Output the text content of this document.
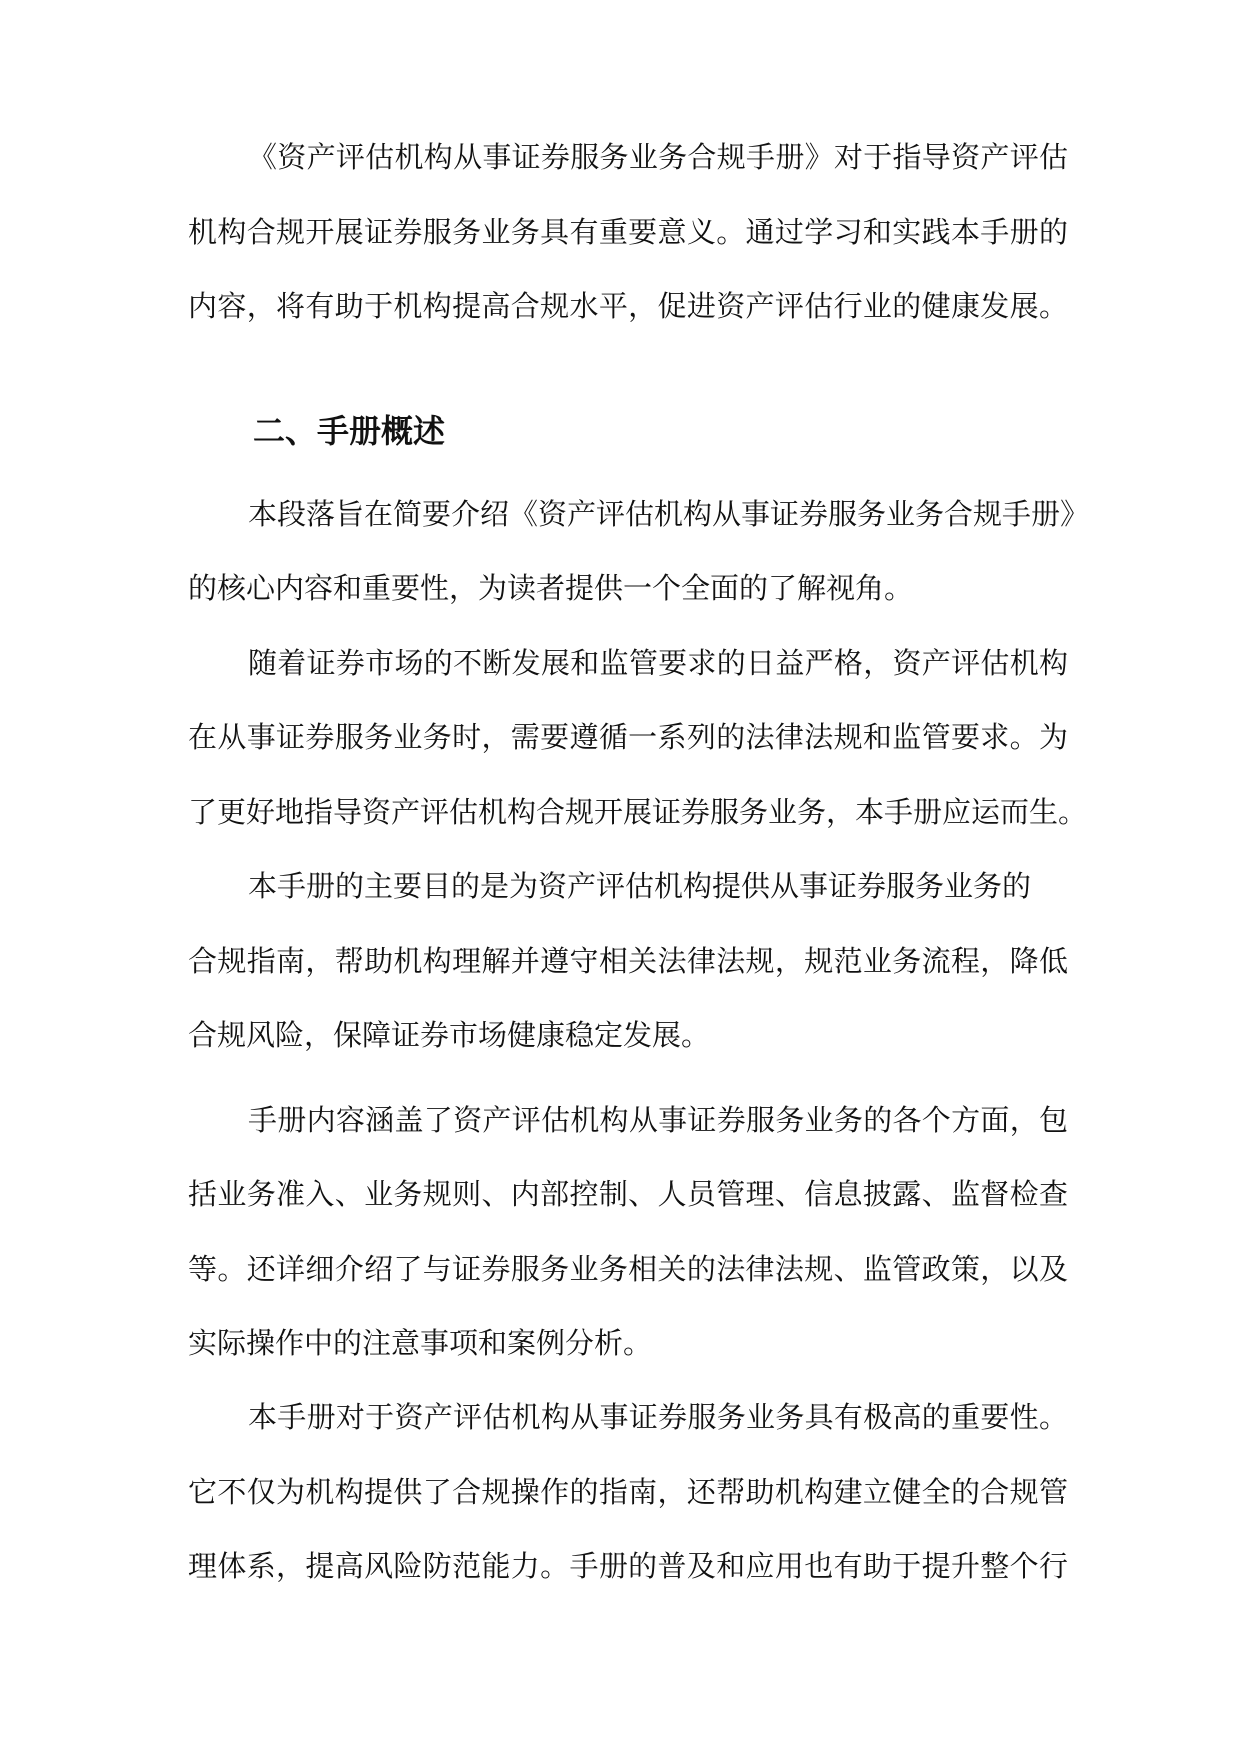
《资产评估机构从事证券服务业务合规手册》对于指导资产评估

机构合规开展证券服务业务具有重要意义。通过学习和实践本手册的

内容，将有助于机构提高合规水平，促进资产评估行业的健康发展。

二、手册概述

本段落旨在简要介绍《资产评估机构从事证券服务业务合规手册》

的核心内容和重要性，为读者提供一个全面的了解视角。

随着证券市场的不断发展和监管要求的日益严格，资产评估机构

在从事证券服务业务时，需要遵循一系列的法律法规和监管要求。为

了更好地指导资产评估机构合规开展证券服务业务，本手册应运而生。

本手册的主要目的是为资产评估机构提供从事证券服务业务的

合规指南，帮助机构理解并遵守相关法律法规，规范业务流程，降低

合规风险，保障证券市场健康稳定发展。

手册内容涵盖了资产评估机构从事证券服务业务的各个方面，包

括业务准入、业务规则、内部控制、人员管理、信息披露、监督检查

等。还详细介绍了与证券服务业务相关的法律法规、监管政策，以及

实际操作中的注意事项和案例分析。

本手册对于资产评估机构从事证券服务业务具有极高的重要性。

它不仅为机构提供了合规操作的指南，还帮助机构建立健全的合规管

理体系，提高风险防范能力。手册的普及和应用也有助于提升整个行
